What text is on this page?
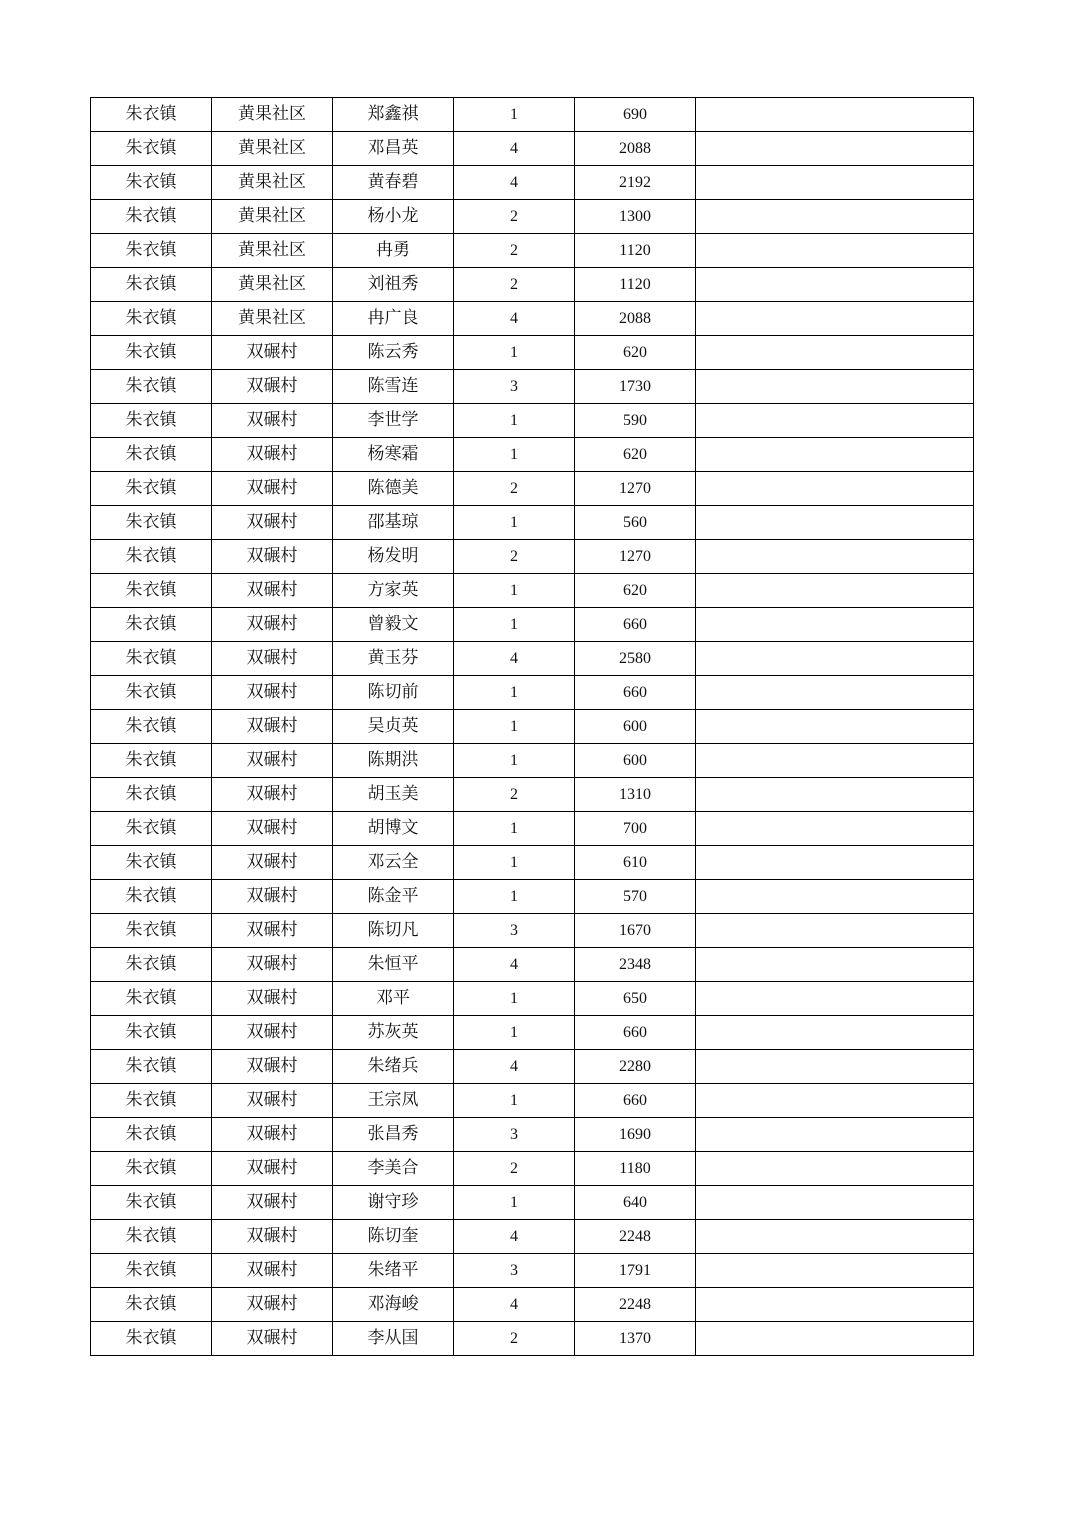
朱衣镇	黄果社区	郑鑫祺	1	690	
朱衣镇	黄果社区	邓昌英	4	2088	
朱衣镇	黄果社区	黄春碧	4	2192	
朱衣镇	黄果社区	杨小龙	2	1300	
朱衣镇	黄果社区	冉勇	2	1120	
朱衣镇	黄果社区	刘祖秀	2	1120	
朱衣镇	黄果社区	冉广良	4	2088	
朱衣镇	双碾村	陈云秀	1	620	
朱衣镇	双碾村	陈雪连	3	1730	
朱衣镇	双碾村	李世学	1	590	
朱衣镇	双碾村	杨寒霜	1	620	
朱衣镇	双碾村	陈德美	2	1270	
朱衣镇	双碾村	邵基琼	1	560	
朱衣镇	双碾村	杨发明	2	1270	
朱衣镇	双碾村	方家英	1	620	
朱衣镇	双碾村	曾毅文	1	660	
朱衣镇	双碾村	黄玉芬	4	2580	
朱衣镇	双碾村	陈切前	1	660	
朱衣镇	双碾村	吴贞英	1	600	
朱衣镇	双碾村	陈期洪	1	600	
朱衣镇	双碾村	胡玉美	2	1310	
朱衣镇	双碾村	胡博文	1	700	
朱衣镇	双碾村	邓云全	1	610	
朱衣镇	双碾村	陈金平	1	570	
朱衣镇	双碾村	陈切凡	3	1670	
朱衣镇	双碾村	朱恒平	4	2348	
朱衣镇	双碾村	邓平	1	650	
朱衣镇	双碾村	苏灰英	1	660	
朱衣镇	双碾村	朱绪兵	4	2280	
朱衣镇	双碾村	王宗凤	1	660	
朱衣镇	双碾村	张昌秀	3	1690	
朱衣镇	双碾村	李美合	2	1180	
朱衣镇	双碾村	谢守珍	1	640	
朱衣镇	双碾村	陈切奎	4	2248	
朱衣镇	双碾村	朱绪平	3	1791	
朱衣镇	双碾村	邓海峻	4	2248	
朱衣镇	双碾村	李从国	2	1370	
